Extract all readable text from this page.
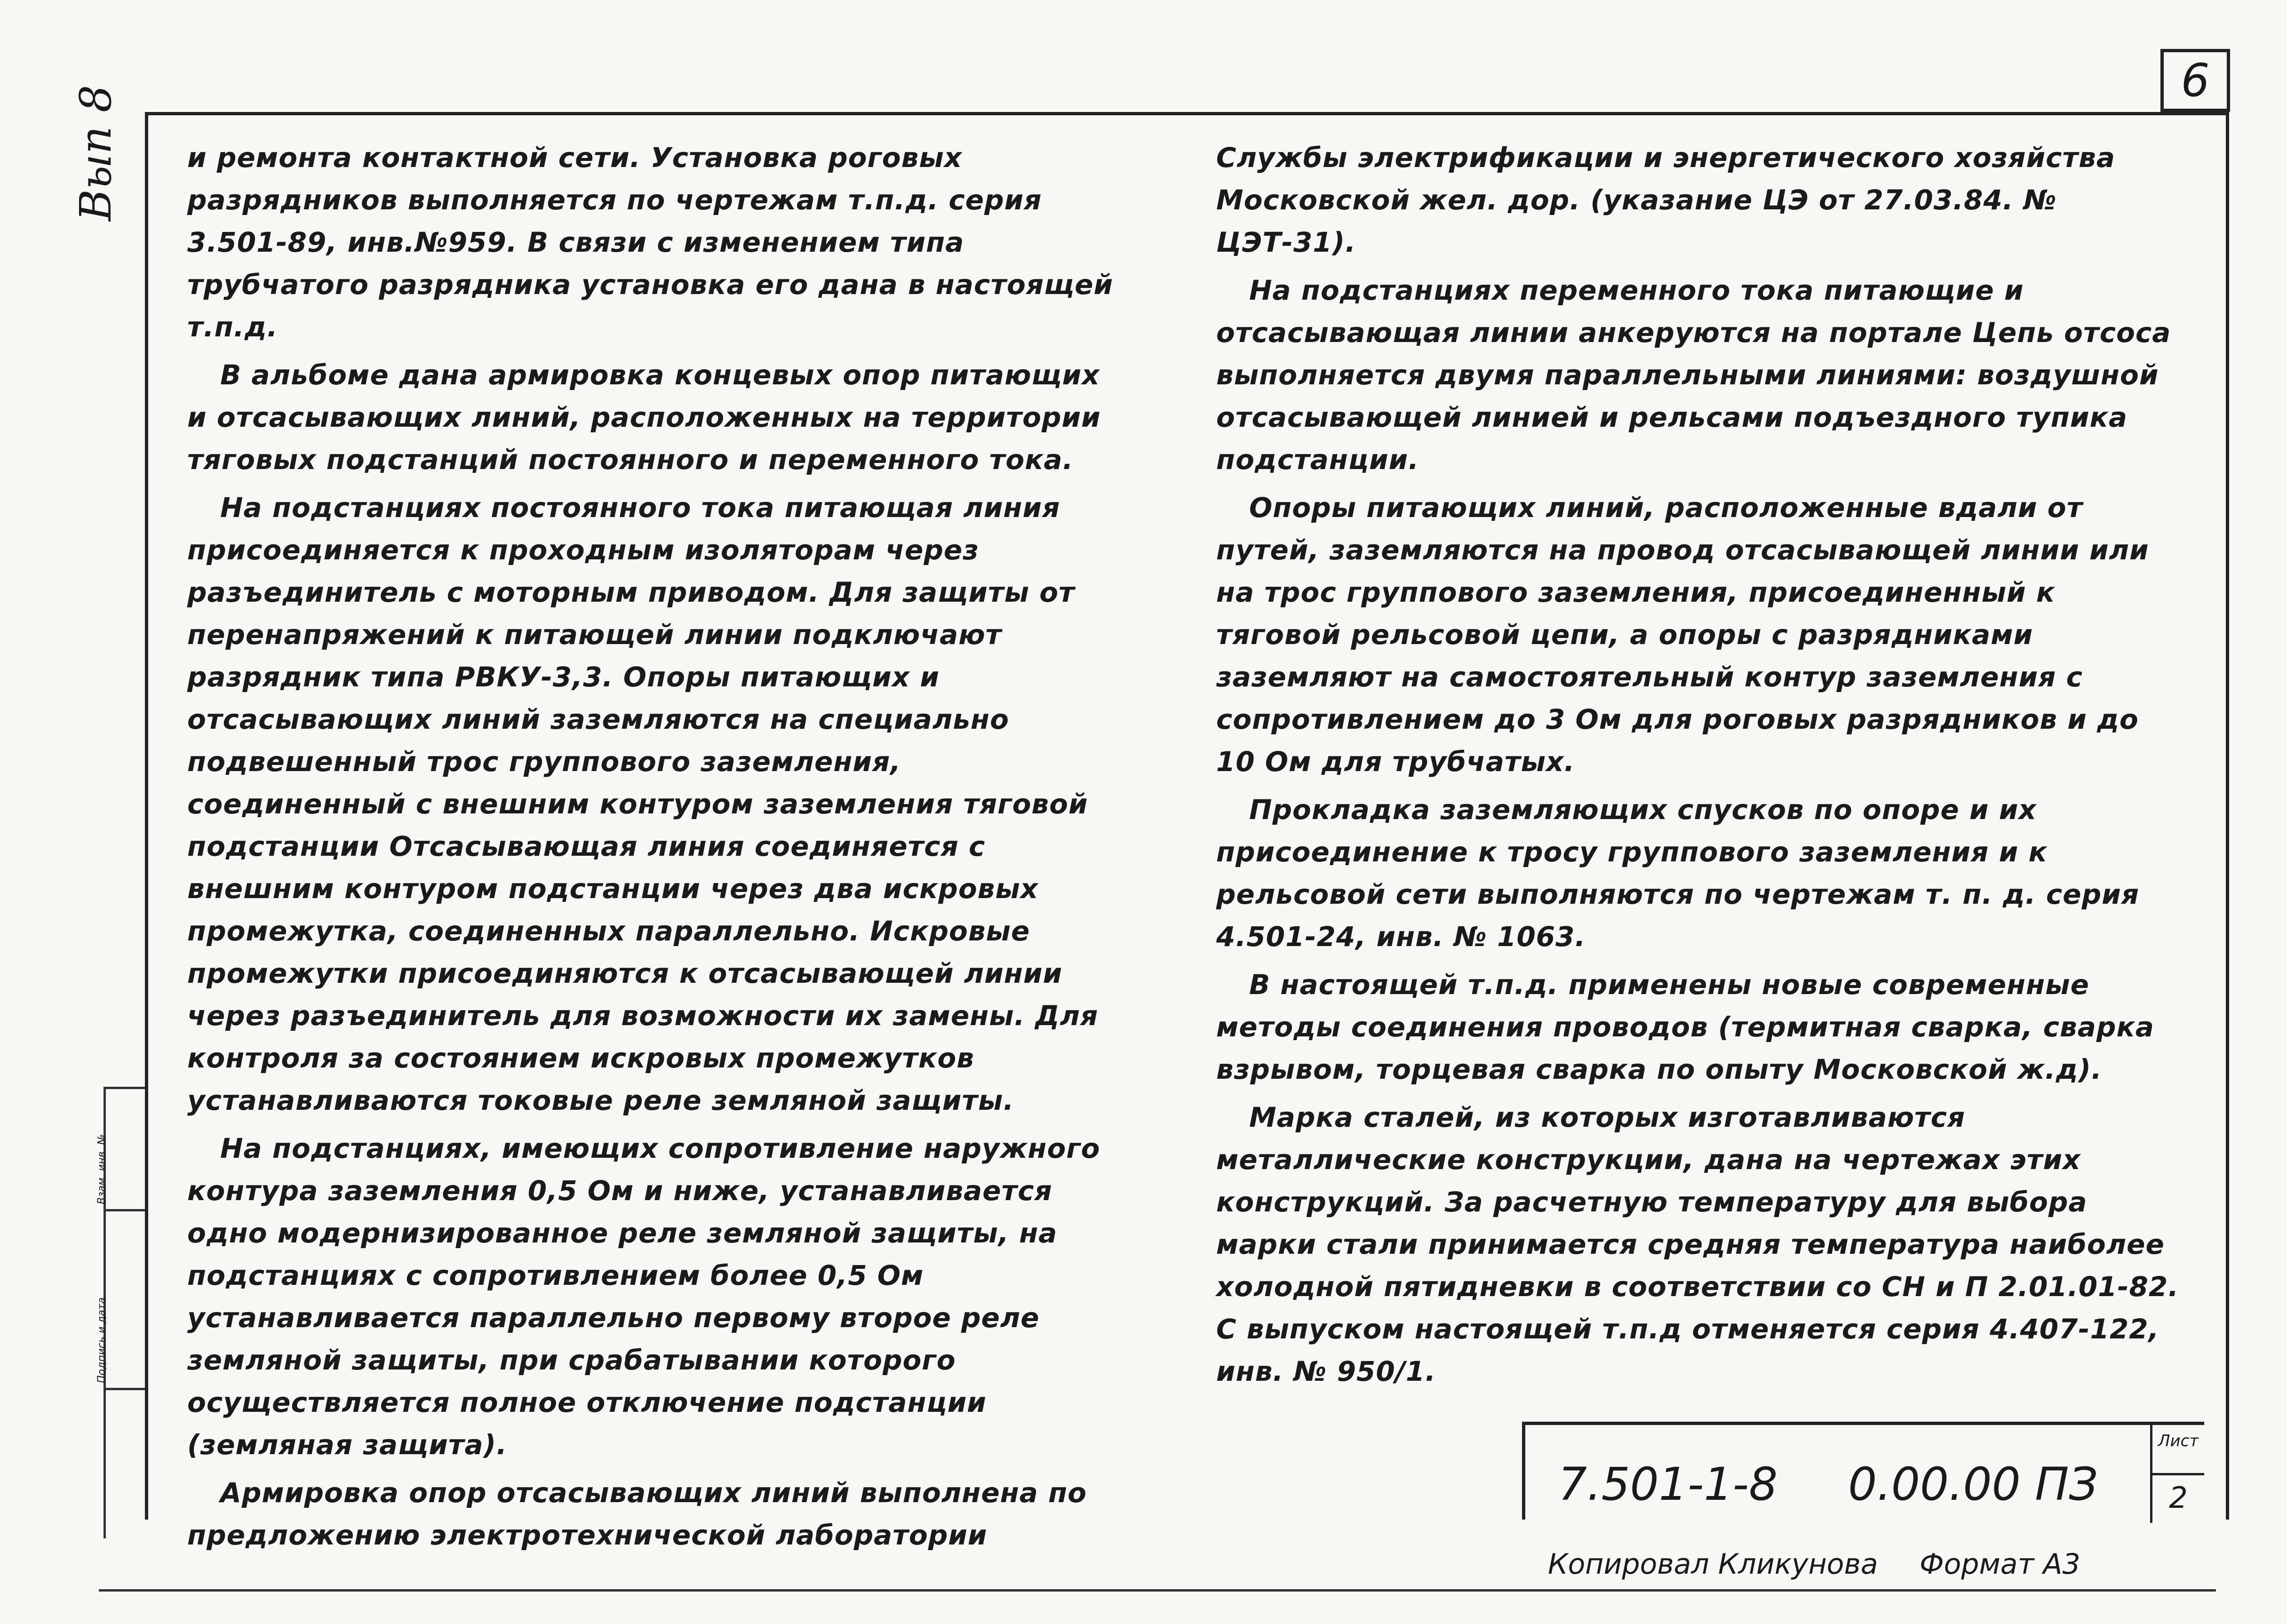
6
Вып 8
Взам. инв. №
Подпись и дата

и ремонта контактной сети. Установка роговых разрядников выполняется по чертежам т.п.д. серия 3.501-89, инв.№959. В связи с изменением типа трубчатого разрядника установка его дана в настоящей т.п.д.

В альбоме дана армировка концевых опор питающих и отсасывающих линий, расположенных на территории тяговых подстанций постоянного и переменного тока.

На подстанциях постоянного тока питающая линия присоединяется к проходным изоляторам через разъединитель с моторным приводом. Для защиты от перенапряжений к питающей линии подключают разрядник типа РВКУ-3,3. Опоры питающих и отсасывающих линий заземляются на специально подвешенный трос группового заземления, соединенный с внешним контуром заземления тяговой подстанции Отсасывающая линия соединяется с внешним контуром подстанции через два искровых промежутка, соединенных параллельно. Искровые промежутки присоединяются к отсасывающей линии через разъединитель для возможности их замены. Для контроля за состоянием искровых промежутков устанавливаются токовые реле земляной защиты.

На подстанциях, имеющих сопротивление наружного контура заземления 0,5 Ом и ниже, устанавливается одно модернизированное реле земляной защиты, на подстанциях с сопротивлением более 0,5 Ом устанавливается параллельно первому второе реле земляной защиты, при срабатывании которого осуществляется полное отключение подстанции (земляная защита).

Армировка опор отсасывающих линий выполнена по предложению электротехнической лаборатории

Службы электрификации и энергетического хозяйства Московской жел. дор. (указание ЦЭ от 27.03.84. № ЦЭТ-31).

На подстанциях переменного тока питающие и отсасывающая линии анкеруются на портале Цепь отсоса выполняется двумя параллельными линиями: воздушной отсасывающей линией и рельсами подъездного тупика подстанции.

Опоры питающих линий, расположенные вдали от путей, заземляются на провод отсасывающей линии или на трос группового заземления, присоединенный к тяговой рельсовой цепи, а опоры с разрядниками заземляют на самостоятельный контур заземления с сопротивлением до 3 Ом для роговых разрядников и до 10 Ом для трубчатых.

Прокладка заземляющих спусков по опоре и их присоединение к тросу группового заземления и к рельсовой сети выполняются по чертежам т. п. д. серия 4.501-24, инв. № 1063.

В настоящей т.п.д. применены новые современные методы соединения проводов (термитная сварка, сварка взрывом, торцевая сварка по опыту Московской ж.д).

Марка сталей, из которых изготавливаются металлические конструкции, дана на чертежах этих конструкций. За расчетную температуру для выбора марки стали принимается средняя температура наиболее холодной пятидневки в соответствии со СН и П 2.01.01-82. С выпуском настоящей т.п.д отменяется серия 4.407-122, инв. № 950/1.

7.501-1-8 0.00.00 ПЗ
Лист
2
Копировал Кликунова Формат А3
